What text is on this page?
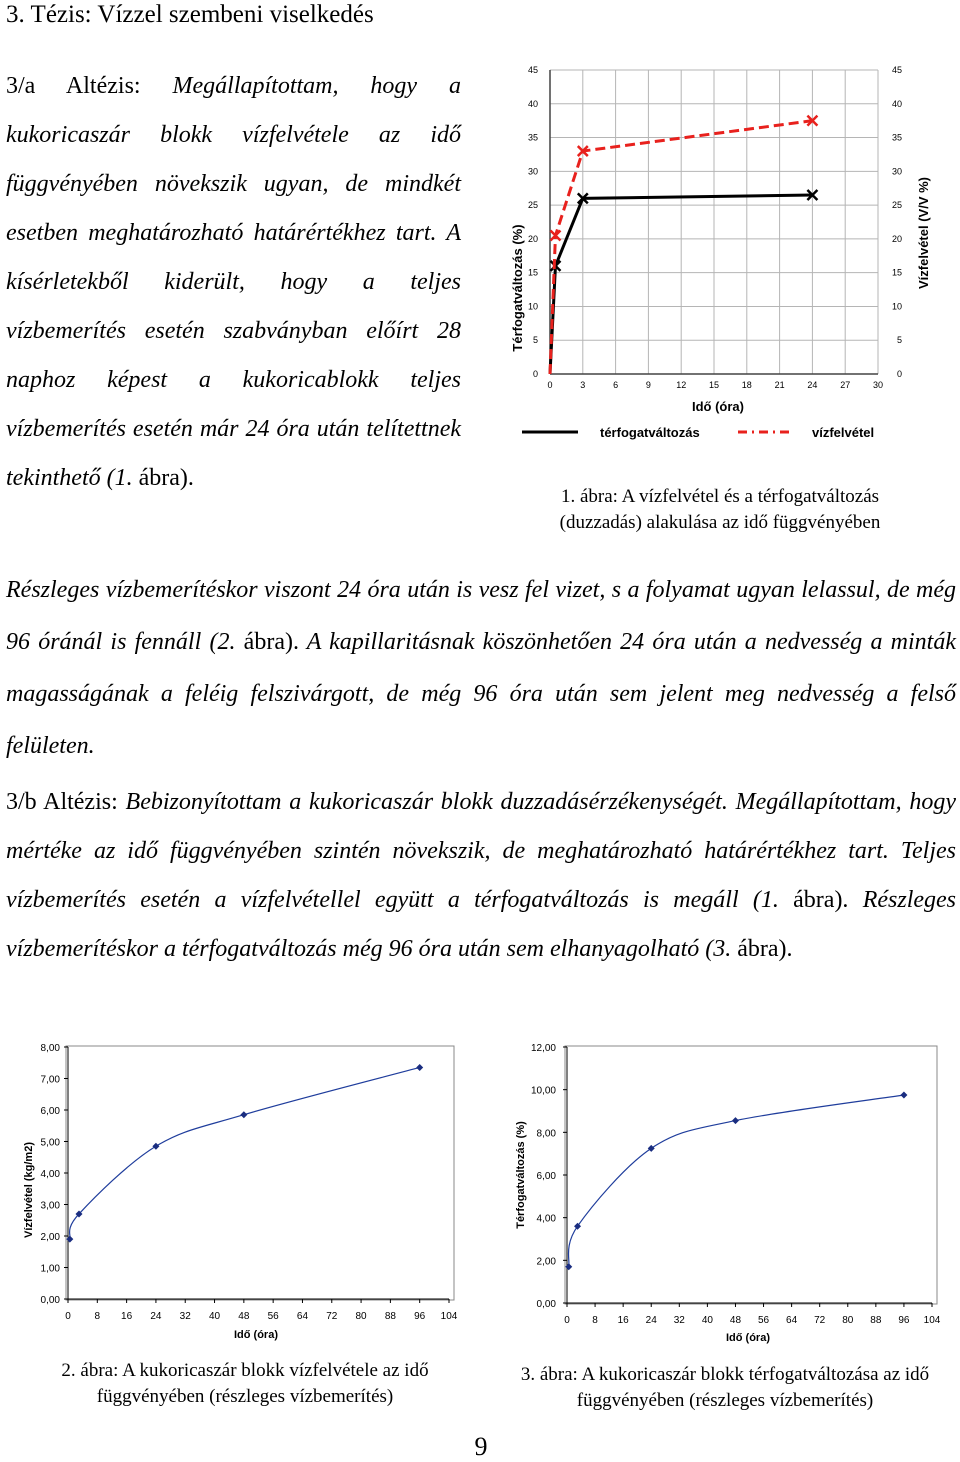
3. Tézis: Vízzel szembeni viselkedés
3/a Altézis: Megállapítottam, hogy a kukoricaszár blokk vízfelvétele az idő függvényében növekszik ugyan, de mindkét esetben meghatározható határértékhez tart. A kísérletekből kiderült, hogy a teljes vízbemerítés esetén szabványban előírt 28 naphoz képest a kukoricablokk teljes vízbemerítés esetén már 24 óra után telítettnek tekinthető (1. ábra).
0	3	6	9	12	15	18	21	24	27	30
0	0
5	5
10	10
15	15
20	20
25	25
30	30
35	35
40	40
45	45
Idő (óra)
Térfogatváltozás (%)	Vízfelvétel (V/V %)
térfogatváltozás	vízfelvétel
1. ábra: A vízfelvétel és a térfogatváltozás (duzzadás) alakulása az idő függvényében
Részleges vízbemerítéskor viszont 24 óra után is vesz fel vizet, s a folyamat ugyan lelassul, de még 96 óránál is fennáll (2. ábra). A kapillaritásnak köszönhetően 24 óra után a nedvesség a minták magasságának a feléig felszivárgott, de még 96 óra után sem jelent meg nedvesség a felső felületen.
3/b Altézis: Bebizonyítottam a kukoricaszár blokk duzzadásérzékenységét. Megállapítottam, hogy mértéke az idő függvényében szintén növekszik, de meghatározható határértékhez tart. Teljes vízbemerítés esetén a vízfelvétellel együtt a térfogatváltozás is megáll (1. ábra). Részleges vízbemerítéskor a térfogatváltozás még 96 óra után sem elhanyagolható (3. ábra).
0 8 16 24 32 40 48 56 64 72 80 88 96 104
0,00
1,00
2,00
3,00
4,00
5,00
6,00
7,00
8,00
Idő (óra)
Vízfelvétel (kg/m2)
0 8 16 24 32 40 48 56 64 72 80 88 96 104
0,00
2,00
4,00
6,00
8,00
10,00
12,00
Idő (óra)
Térfogatváltozás (%)
2. ábra: A kukoricaszár blokk vízfelvétele az idő függvényében (részleges vízbemerítés)
3. ábra: A kukoricaszár blokk térfogatváltozása az idő függvényében (részleges vízbemerítés)
9
